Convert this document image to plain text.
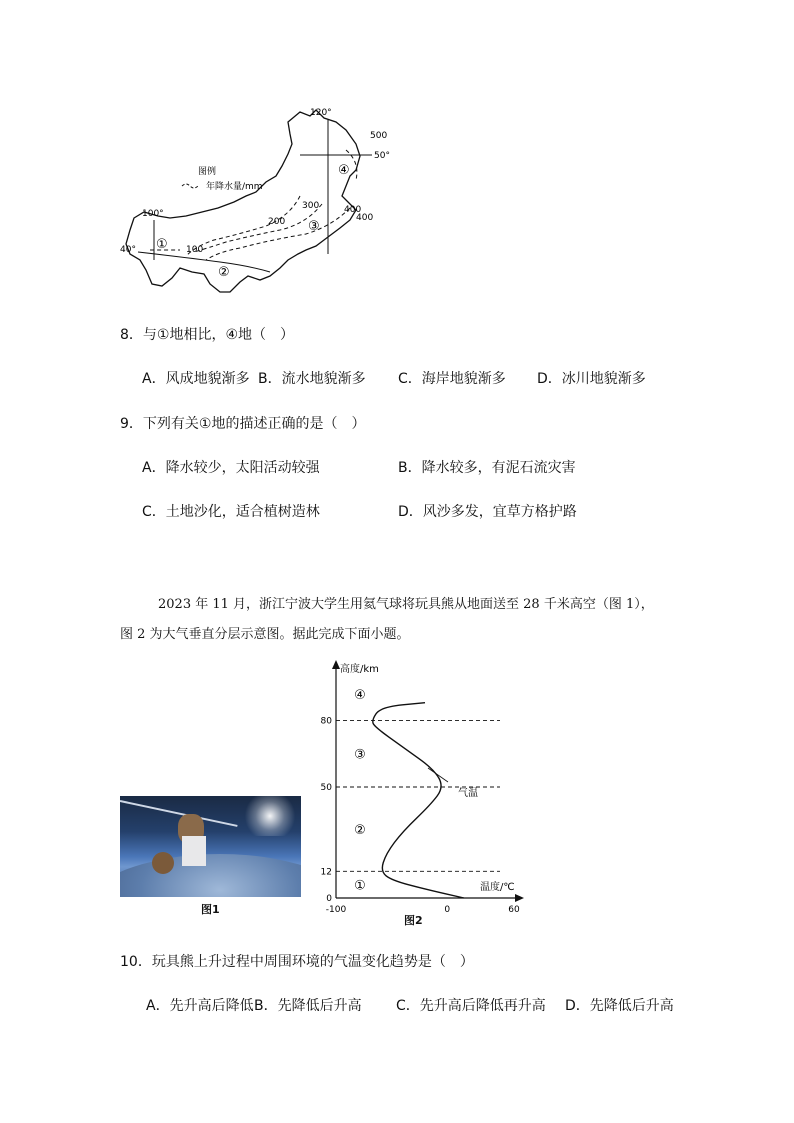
图例
年降水量/mm
120°
100°
50°
40°
500
400
400
300
200
100
①
②
③
④
8．与①地相比，④地（　）
A．风成地貌渐多 B．流水地貌渐多 C．海岸地貌渐多 D．冰川地貌渐多
9．下列有关①地的描述正确的是（　）
A．降水较少，太阳活动较强	B．降水较多，有泥石流灾害
C．土地沙化，适合植树造林	D．风沙多发，宜草方格护路
2023 年 11 月，浙江宁波大学生用氦气球将玩具熊从地面送至 28 千米高空（图 1），
图 2 为大气垂直分层示意图。据此完成下面小题。
图1
高度/km
温度/℃
0
12
50
80
-100	0	60
气温
①
②
③
④
图2
10．玩具熊上升过程中周围环境的气温变化趋势是（　）
A．先升高后降低 B．先降低后升高 C．先升高后降低再升高 D．先降低后升高
